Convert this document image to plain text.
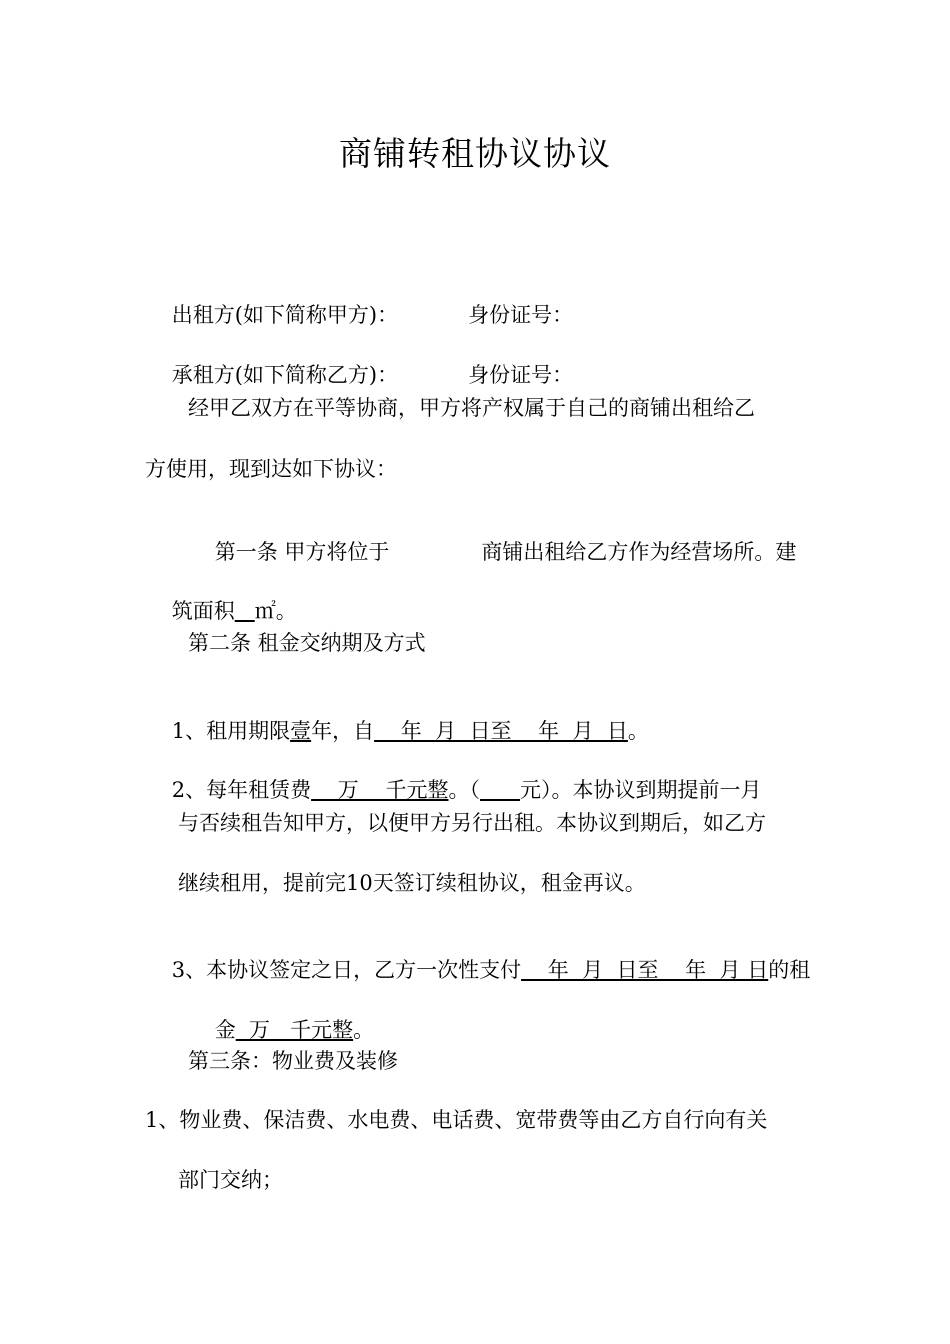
商铺转租协议协议

出租方(如下简称甲方)：	身份证号：

承租方(如下简称乙方)：	身份证号：

经甲乙双方在平等协商，甲方将产权属于自己的商铺出租给乙
方使用，现到达如下协议：

第一条 甲方将位于	商铺出租给乙方作为经营场所。建

筑面积 ㎡。

第二条 租金交纳期及方式

1、租用期限壹年，自    年  月  日至    年  月  日。

2、每年租赁费    万    千元整。（ 元）。本协议到期提前一月

与否续租告知甲方，以便甲方另行出租。本协议到期后，如乙方
继续租用，提前完10天签订续租协议，租金再议。

3、本协议签定之日，乙方一次性支付    年  月  日至    年  月 日的租

金  万   千元整。

第三条：物业费及装修
1、物业费、保洁费、水电费、电话费、宽带费等由乙方自行向有关
部门交纳；
